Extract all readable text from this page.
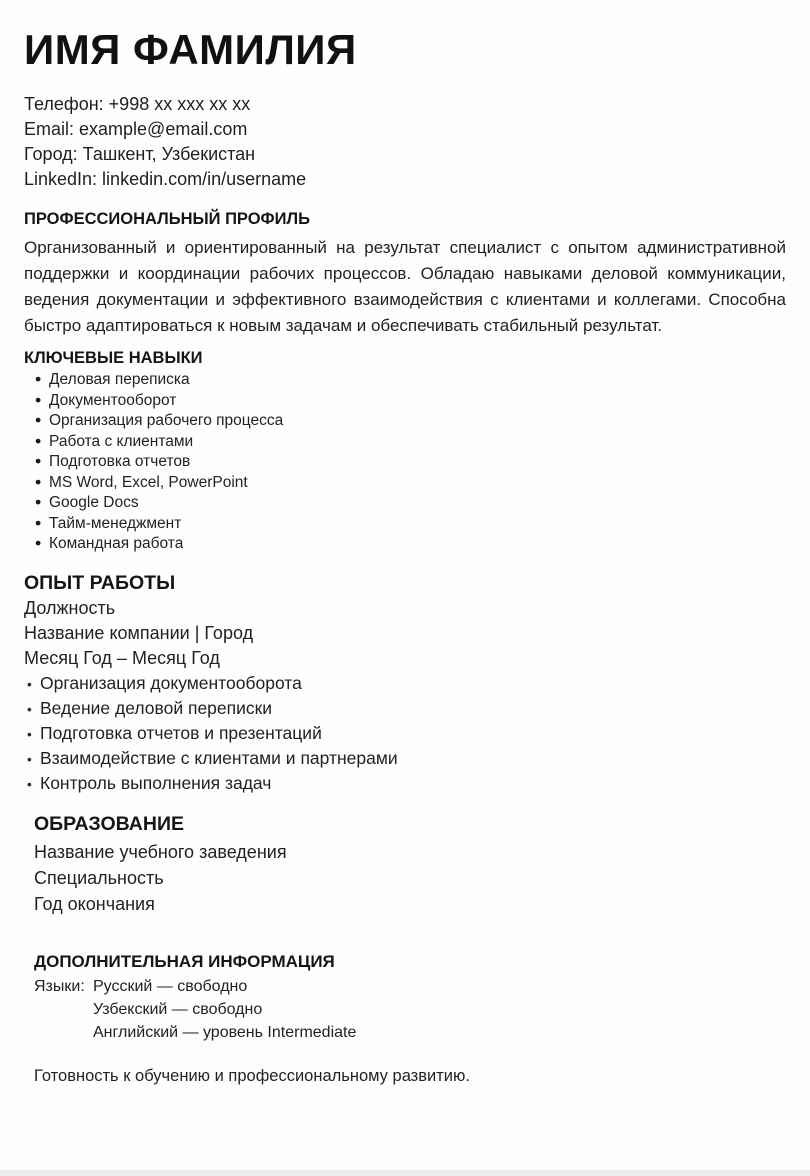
ИМЯ ФАМИЛИЯ
Телефон: +998 xx xxx xx xx
Email: example@email.com
Город: Ташкент, Узбекистан
LinkedIn: linkedin.com/in/username
ПРОФЕССИОНАЛЬНЫЙ ПРОФИЛЬ
Организованный и ориентированный на результат специалист с опытом административной
поддержки и координации рабочих процессов. Обладаю навыками деловой коммуникации,
ведения документации и эффективного взаимодействия с клиентами и коллегами. Способна
быстро адаптироваться к новым задачам и обеспечивать стабильный результат.
КЛЮЧЕВЫЕ НАВЫКИ
• Деловая переписка
• Документооборот
• Организация рабочего процесса
• Работа с клиентами
• Подготовка отчетов
• MS Word, Excel, PowerPoint
• Google Docs
• Тайм-менеджмент
• Командная работа
ОПЫТ РАБОТЫ
Должность
Название компании | Город
Месяц Год – Месяц Год
• Организация документооборота
• Ведение деловой переписки
• Подготовка отчетов и презентаций
• Взаимодействие с клиентами и партнерами
• Контроль выполнения задач
ОБРАЗОВАНИЕ
Название учебного заведения
Специальность
Год окончания
ДОПОЛНИТЕЛЬНАЯ ИНФОРМАЦИЯ
Языки: Русский — свободно
Узбекский — свободно
Английский — уровень Intermediate
Готовность к обучению и профессиональному развитию.
